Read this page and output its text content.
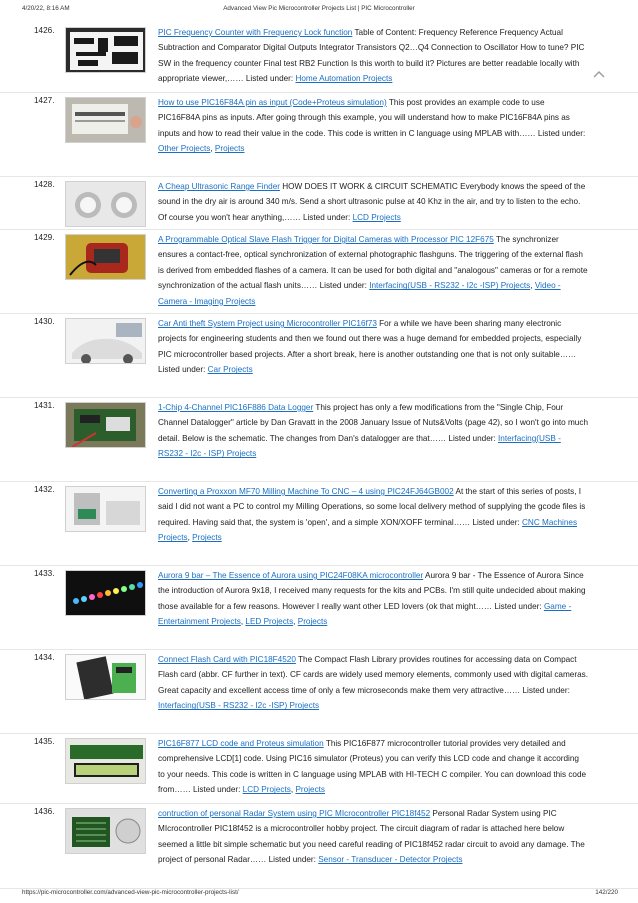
4/20/22, 8:16 AM	Advanced View Pic Microcontroller Projects List | PIC Microcontroller
1426.	PIC Frequency Counter with Frequency Lock function Table of Content: Frequency Reference Frequency Actual Subtraction and Comparator Digital Outputs Integrator Transistors Q2…Q4 Connection to Oscillator How to tune? PIC SW in the frequency counter Final test RB2 Function Is this worth to build it? Pictures are better readable locally with appropriate viewer,…… Listed under: Home Automation Projects
1427.	How to use PIC16F84A pin as input (Code+Proteus simulation) This post provides an example code to use PIC16F84A pins as inputs. After going through this example, you will understand how to make PIC16F84A pins as inputs and how to read their value in the code. This code is written in C language using MPLAB with…… Listed under: Other Projects, Projects
1428.	A Cheap Ultrasonic Range Finder HOW DOES IT WORK & CIRCUIT SCHEMATIC Everybody knows the speed of the sound in the dry air is around 340 m/s. Send a short ultrasonic pulse at 40 Khz in the air, and try to listen to the echo. Of course you won't hear anything,…… Listed under: LCD Projects
1429.	A Programmable Optical Slave Flash Trigger for Digital Cameras with Processor PIC 12F675 The synchronizer ensures a contact-free, optical synchronization of external photographic flashguns. The triggering of the external flash is derived from embedded flashes of a camera. It can be used for both digital and "analogous" cameras or for a remote synchronization of the actual flash units…… Listed under: Interfacing(USB - RS232 - I2c -ISP) Projects, Video - Camera - Imaging Projects
1430.	Car Anti theft System Project using Microcontroller PIC16f73 For a while we have been sharing many electronic projects for engineering students and then we found out there was a huge demand for embedded projects, especially PIC microcontroller based projects. After a short break, here is another outstanding one that is not only suitable…… Listed under: Car Projects
1431.	1-Chip 4-Channel PIC16F886 Data Logger This project has only a few modifications from the "Single Chip, Four Channel Datalogger" article by Dan Gravatt in the 2008 January Issue of Nuts&Volts (page 42), so I won't go into much detail. Below is the schematic. The changes from Dan's datalogger are that…… Listed under: Interfacing(USB - RS232 - I2c - ISP) Projects
1432.	Converting a Proxxon MF70 Milling Machine To CNC – 4 using PIC24FJ64GB002 At the start of this series of posts, I said I did not want a PC to control my Milling Operations, so some local delivery method of supplying the gcode files is required. Having said that, the system is 'open', and a simple XON/XOFF terminal…… Listed under: CNC Machines Projects, Projects
1433.	Aurora 9 bar – The Essence of Aurora using PIC24F08KA microcontroller Aurora 9 bar - The Essence of Aurora Since the introduction of Aurora 9x18, I received many requests for the kits and PCBs. I'm still quite undecided about making those available for a few reasons. However I really want other LED lovers (ok that might…… Listed under: Game - Entertainment Projects, LED Projects, Projects
1434.	Connect Flash Card with PIC18F4520 The Compact Flash Library provides routines for accessing data on Compact Flash card (abbr. CF further in text). CF cards are widely used memory elements, commonly used with digital cameras. Great capacity and excellent access time of only a few microseconds make them very attractive…… Listed under: Interfacing(USB - RS232 - I2c -ISP) Projects
1435.	PIC16F877 LCD code and Proteus simulation This PIC16F877 microcontroller tutorial provides very detailed and comprehensive LCD[1] code. Using PIC16 simulator (Proteus) you can verify this LCD code and change it according to your needs. This code is written in C language using MPLAB with HI-TECH C compiler. You can download this code from…… Listed under: LCD Projects, Projects
1436.	contruction of personal Radar System using PIC MIcrocontroller PIC18f452 Personal Radar System using PIC MIcrocontroller PIC18f452 is a microcontroller hobby project. The circuit diagram of radar is attached here below seemed a little bit simple schematic but you need careful reading of PIC18f452 radar circuit to avoid any damage. The project of personal Radar…… Listed under: Sensor - Transducer - Detector Projects
https://pic-microcontroller.com/advanced-view-pic-microcontroller-projects-list/	142/220
